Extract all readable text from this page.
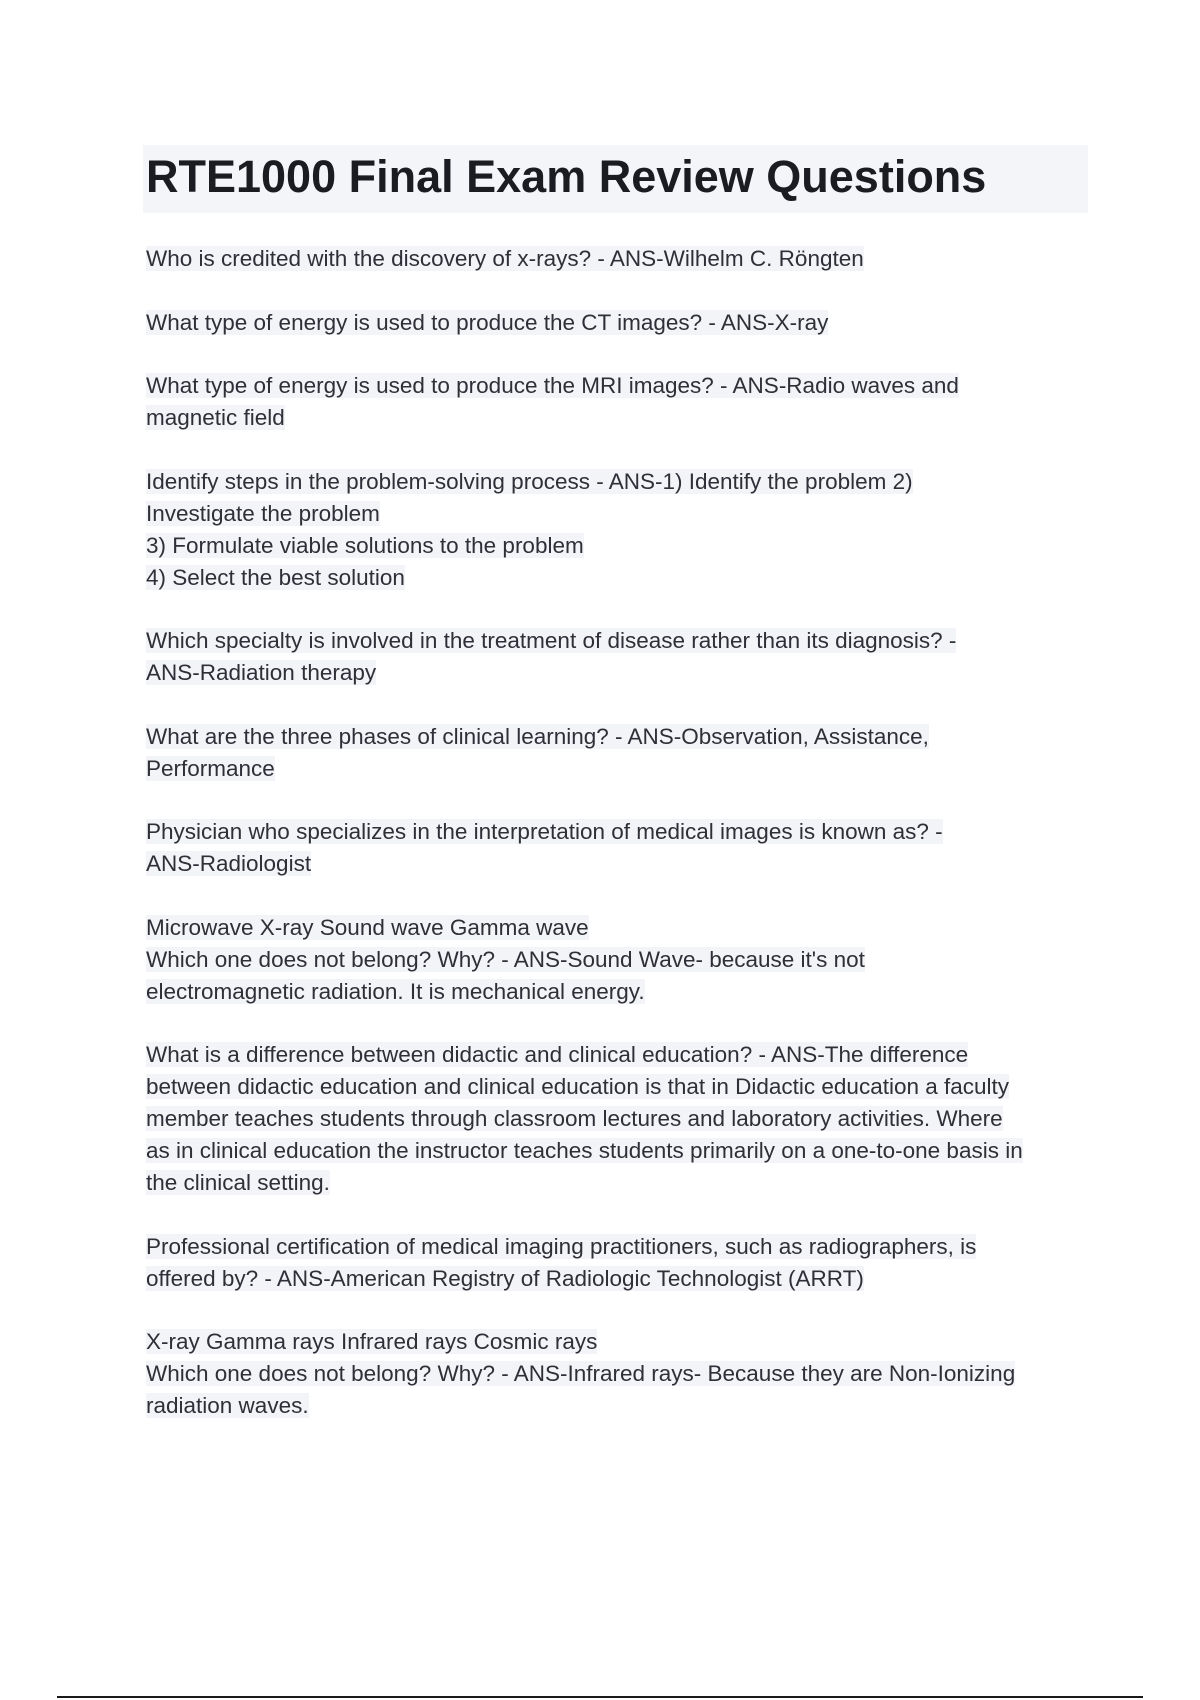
RTE1000 Final Exam Review Questions

Who is credited with the discovery of x-rays? - ANS-Wilhelm C. Röngten

What type of energy is used to produce the CT images? - ANS-X-ray

What type of energy is used to produce the MRI images? - ANS-Radio waves and
magnetic field

Identify steps in the problem-solving process - ANS-1) Identify the problem 2)
Investigate the problem
3) Formulate viable solutions to the problem
4) Select the best solution

Which specialty is involved in the treatment of disease rather than its diagnosis? -
ANS-Radiation therapy

What are the three phases of clinical learning? - ANS-Observation, Assistance,
Performance

Physician who specializes in the interpretation of medical images is known as? -
ANS-Radiologist

Microwave X-ray Sound wave Gamma wave
Which one does not belong? Why? - ANS-Sound Wave- because it's not
electromagnetic radiation. It is mechanical energy.

What is a difference between didactic and clinical education? - ANS-The difference
between didactic education and clinical education is that in Didactic education a faculty
member teaches students through classroom lectures and laboratory activities. Where
as in clinical education the instructor teaches students primarily on a one-to-one basis in
the clinical setting.

Professional certification of medical imaging practitioners, such as radiographers, is
offered by? - ANS-American Registry of Radiologic Technologist (ARRT)

X-ray Gamma rays Infrared rays Cosmic rays
Which one does not belong? Why? - ANS-Infrared rays- Because they are Non-Ionizing
radiation waves.
